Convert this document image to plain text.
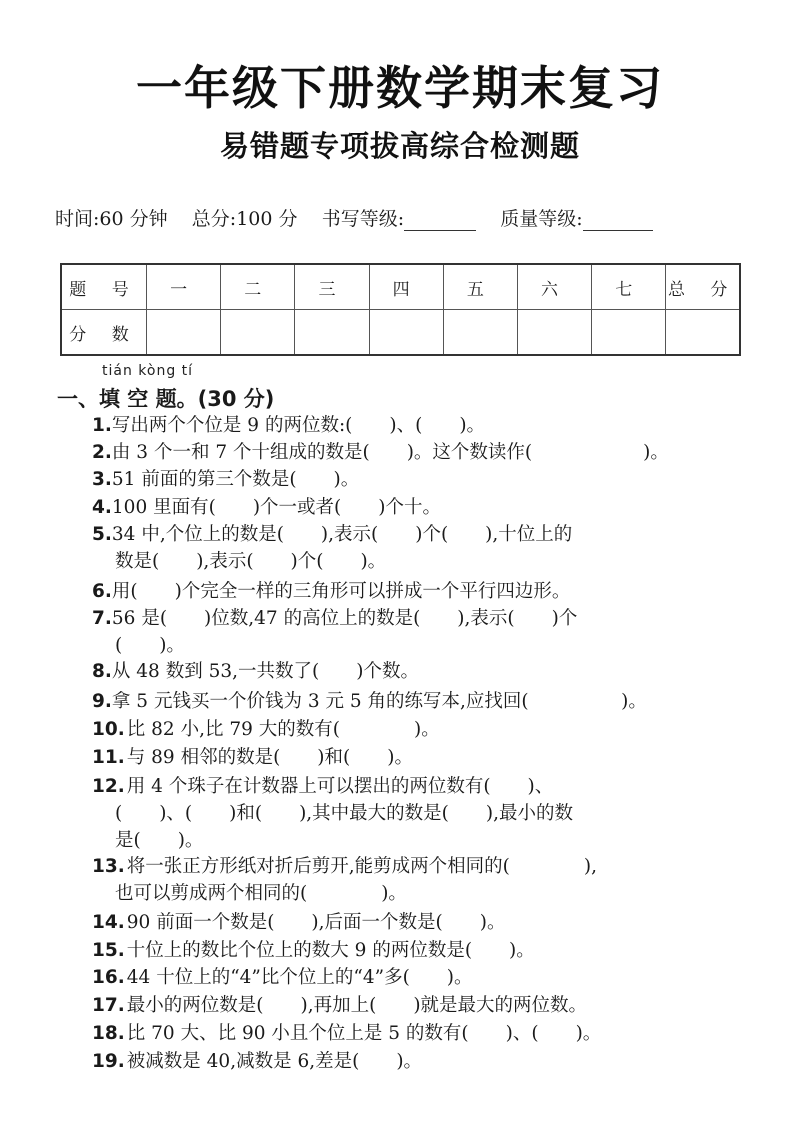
一年级下册数学期末复习
易错题专项拔高综合检测题
时间:60 分钟 总分:100 分 书写等级:	质量等级:
题 号	一	二	三	四	五	六	七	总 分
分 数								
tián kòng tí
一、填 空 题。(30 分)
1.写出两个个位是 9 的两位数:(　　)、(　　)。
2.由 3 个一和 7 个十组成的数是(　　)。这个数读作(　　　　　　)。
3.51 前面的第三个数是(　　)。
4.100 里面有(　　)个一或者(　　)个十。
5.34 中,个位上的数是(　　),表示(　　)个(　　),十位上的
数是(　　),表示(　　)个(　　)。
6.用(　　)个完全一样的三角形可以拼成一个平行四边形。
7.56 是(　　)位数,47 的高位上的数是(　　),表示(　　)个
(　　)。
8.从 48 数到 53,一共数了(　　)个数。
9.拿 5 元钱买一个价钱为 3 元 5 角的练写本,应找回(　　　　　)。
10. 比 82 小,比 79 大的数有(　　　　)。
11. 与 89 相邻的数是(　　)和(　　)。
12. 用 4 个珠子在计数器上可以摆出的两位数有(　　)、
(　　)、(　　)和(　　),其中最大的数是(　　),最小的数
是(　　)。
13. 将一张正方形纸对折后剪开,能剪成两个相同的(　　　　),
也可以剪成两个相同的(　　　　)。
14. 90 前面一个数是(　　),后面一个数是(　　)。
15. 十位上的数比个位上的数大 9 的两位数是(　　)。
16. 44 十位上的“4”比个位上的“4”多(　　)。
17. 最小的两位数是(　　),再加上(　　)就是最大的两位数。
18. 比 70 大、比 90 小且个位上是 5 的数有(　　)、(　　)。
19. 被减数是 40,减数是 6,差是(　　)。
